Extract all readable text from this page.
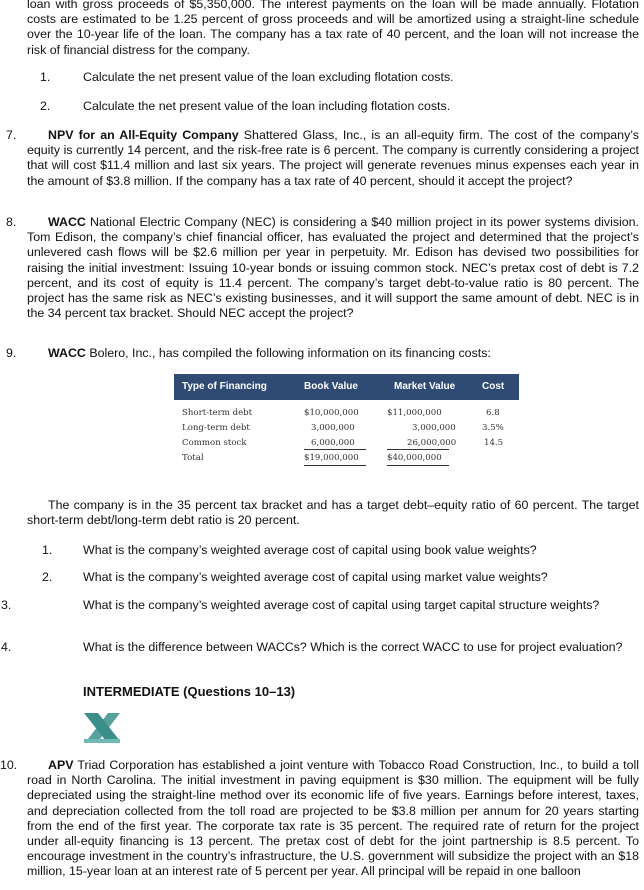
loan with gross proceeds of $5,350,000. The interest payments on the loan will be made annually. Flotation costs are estimated to be 1.25 percent of gross proceeds and will be amortized using a straight-line schedule over the 10-year life of the loan. The company has a tax rate of 40 percent, and the loan will not increase the risk of financial distress for the company.

1.	Calculate the net present value of the loan excluding flotation costs.
2.	Calculate the net present value of the loan including flotation costs.
7.	NPV for an All-Equity Company Shattered Glass, Inc., is an all-equity firm. The cost of the company’s equity is currently 14 percent, and the risk-free rate is 6 percent. The company is currently considering a project that will cost $11.4 million and last six years. The project will generate revenues minus expenses each year in the amount of $3.8 million. If the company has a tax rate of 40 percent, should it accept the project?

8.	WACC National Electric Company (NEC) is considering a $40 million project in its power systems division. Tom Edison, the company’s chief financial officer, has evaluated the project and determined that the project’s unlevered cash flows will be $2.6 million per year in perpetuity. Mr. Edison has devised two possibilities for raising the initial investment: Issuing 10-year bonds or issuing common stock. NEC’s pretax cost of debt is 7.2 percent, and its cost of equity is 11.4 percent. The company’s target debt-to-value ratio is 80 percent. The project has the same risk as NEC’s existing businesses, and it will support the same amount of debt. NEC is in the 34 percent tax bracket. Should NEC accept the project?

9.	WACC Bolero, Inc., has compiled the following information on its financing costs:

Type of Financing	Book Value	Market Value	Cost
Short-term debt	$10,000,000	$11,000,000	6.8
Long-term debt	3,000,000	3,000,000	3.5%
Common stock	6,000,000	26,000,000	14.5
Total	$19,000,000	$40,000,000

The company is in the 35 percent tax bracket and has a target debt–equity ratio of 60 percent. The target short-term debt/long-term debt ratio is 20 percent.

1. What is the company’s weighted average cost of capital using book value weights?
2. What is the company’s weighted average cost of capital using market value weights?

3.	What is the company’s weighted average cost of capital using target capital structure weights?

4.	What is the difference between WACCs? Which is the correct WACC to use for project evaluation?

INTERMEDIATE (Questions 10–13)
10.	APV Triad Corporation has established a joint venture with Tobacco Road Construction, Inc., to build a toll road in North Carolina. The initial investment in paving equipment is $30 million. The equipment will be fully depreciated using the straight-line method over its economic life of five years. Earnings before interest, taxes, and depreciation collected from the toll road are projected to be $3.8 million per annum for 20 years starting from the end of the first year. The corporate tax rate is 35 percent. The required rate of return for the project under all-equity financing is 13 percent. The pretax cost of debt for the joint partnership is 8.5 percent. To encourage investment in the country’s infrastructure, the U.S. government will subsidize the project with an $18 million, 15-year loan at an interest rate of 5 percent per year. All principal will be repaid in one balloon
